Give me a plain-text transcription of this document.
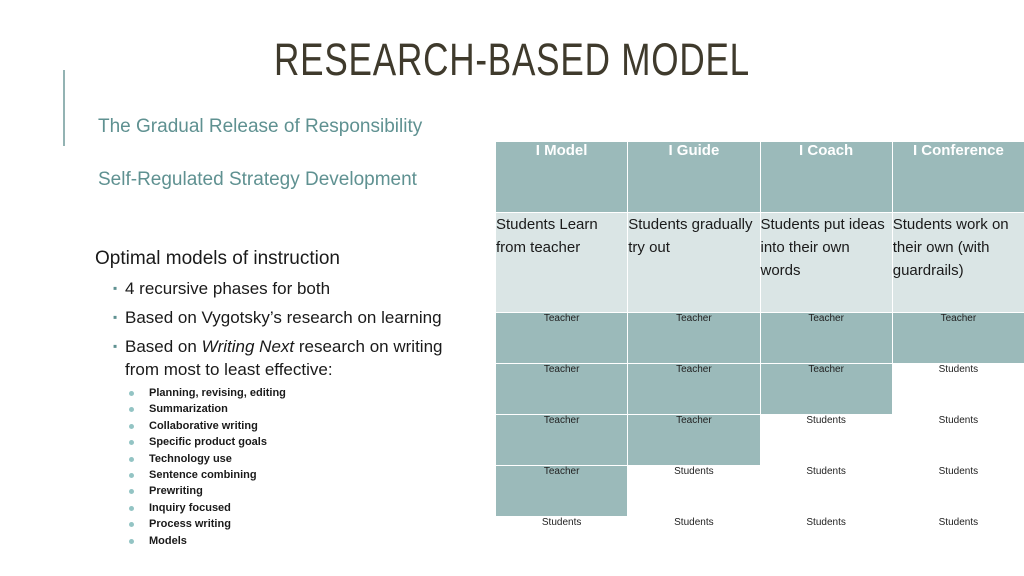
RESEARCH-BASED MODEL
The Gradual Release of Responsibility
Self-Regulated Strategy Development
Optimal models of instruction
▪ 4 recursive phases for both
▪ Based on Vygotsky’s research on learning
▪ Based on Writing Next research on writing from most to least effective:
Planning, revising, editing
Summarization
Collaborative writing
Specific product goals
Technology use
Sentence combining
Prewriting
Inquiry focused
Process writing
Models
I Model	I Guide	I Coach	I Conference
Students Learn from teacher	Students gradually try out	Students put ideas into their own words	Students work on their own (with guardrails)
Teacher	Teacher	Teacher	Teacher
Teacher	Teacher	Teacher	Students
Teacher	Teacher	Students	Students
Teacher	Students	Students	Students
Students	Students	Students	Students
